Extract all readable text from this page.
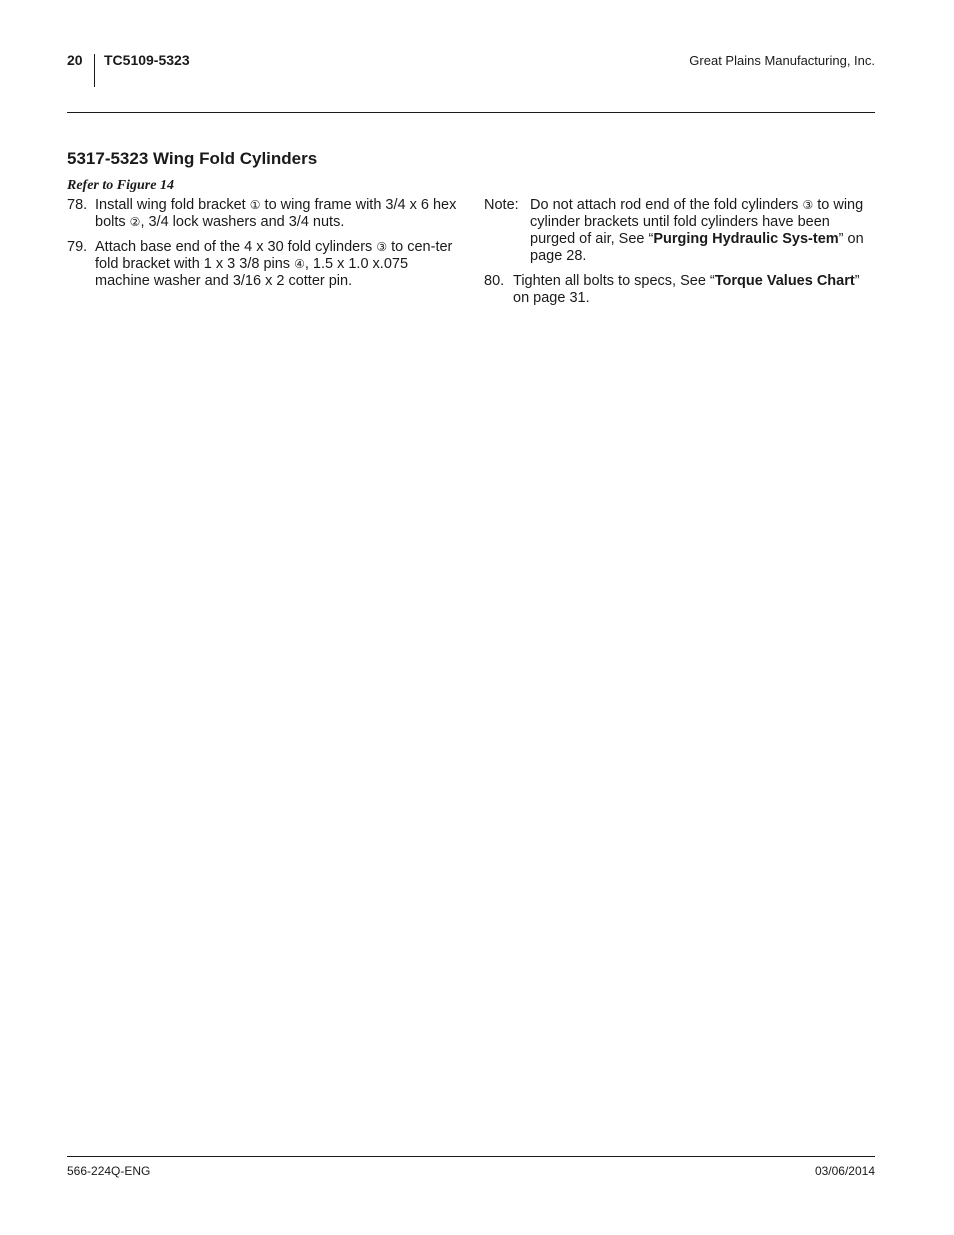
20 TC5109-5323	Great Plains Manufacturing, Inc.
5317-5323 Wing Fold Cylinders
Refer to Figure 14
78. Install wing fold bracket ① to wing frame with 3/4 x 6 hex bolts ②, 3/4 lock washers and 3/4 nuts.
79. Attach base end of the 4 x 30 fold cylinders ③ to cen-ter fold bracket with 1 x 3 3/8 pins ④, 1.5 x 1.0 x.075 machine washer and 3/16 x 2 cotter pin.
Note: Do not attach rod end of the fold cylinders ③ to wing cylinder brackets until fold cylinders have been purged of air, See “Purging Hydraulic Sys-tem” on page 28.
80. Tighten all bolts to specs, See “Torque Values Chart” on page 31.
566-224Q-ENG	03/06/2014
